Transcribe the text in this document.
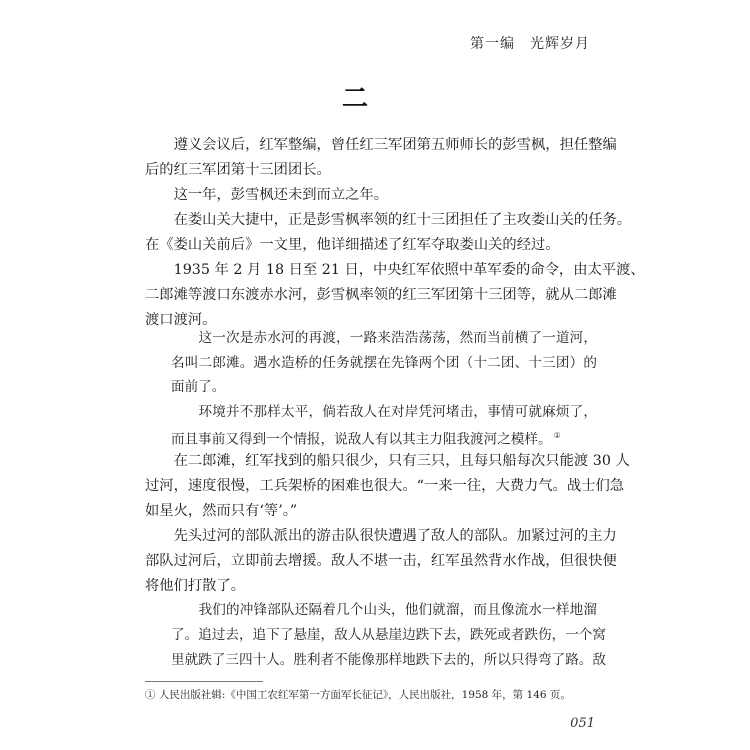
第一编　光辉岁月
二
　　遵义会议后，红军整编，曾任红三军团第五师师长的彭雪枫，担任整编
后的红三军团第十三团团长。
　　这一年，彭雪枫还未到而立之年。
　　在娄山关大捷中，正是彭雪枫率领的红十三团担任了主攻娄山关的任务。
在《娄山关前后》一文里，他详细描述了红军夺取娄山关的经过。
　　1935 年 2 月 18 日至 21 日，中央红军依照中革军委的命令，由太平渡、
二郎滩等渡口东渡赤水河，彭雪枫率领的红三军团第十三团等，就从二郎滩
渡口渡河。
　　这一次是赤水河的再渡，一路来浩浩荡荡，然而当前横了一道河，
名叫二郎滩。遇水造桥的任务就摆在先锋两个团（十二团、十三团）的
面前了。
　　环境并不那样太平，倘若敌人在对岸凭河堵击，事情可就麻烦了，
而且事前又得到一个情报，说敌人有以其主力阻我渡河之模样。 ①
　　在二郎滩，红军找到的船只很少，只有三只，且每只船每次只能渡 30 人
过河，速度很慢，工兵架桥的困难也很大。“一来一往，大费力气。战士们急
如星火，然而只有‘等’。”
　　先头过河的部队派出的游击队很快遭遇了敌人的部队。加紧过河的主力
部队过河后，立即前去增援。敌人不堪一击，红军虽然背水作战，但很快便
将他们打散了。
　　我们的冲锋部队还隔着几个山头，他们就溜，而且像流水一样地溜
了。追过去，追下了悬崖，敌人从悬崖边跌下去，跌死或者跌伤，一个窝
里就跌了三四十人。胜利者不能像那样地跌下去的，所以只得弯了路。敌
① 人民出版社辑:《中国工农红军第一方面军长征记》，人民出版社，1958 年，第 146 页。
051
